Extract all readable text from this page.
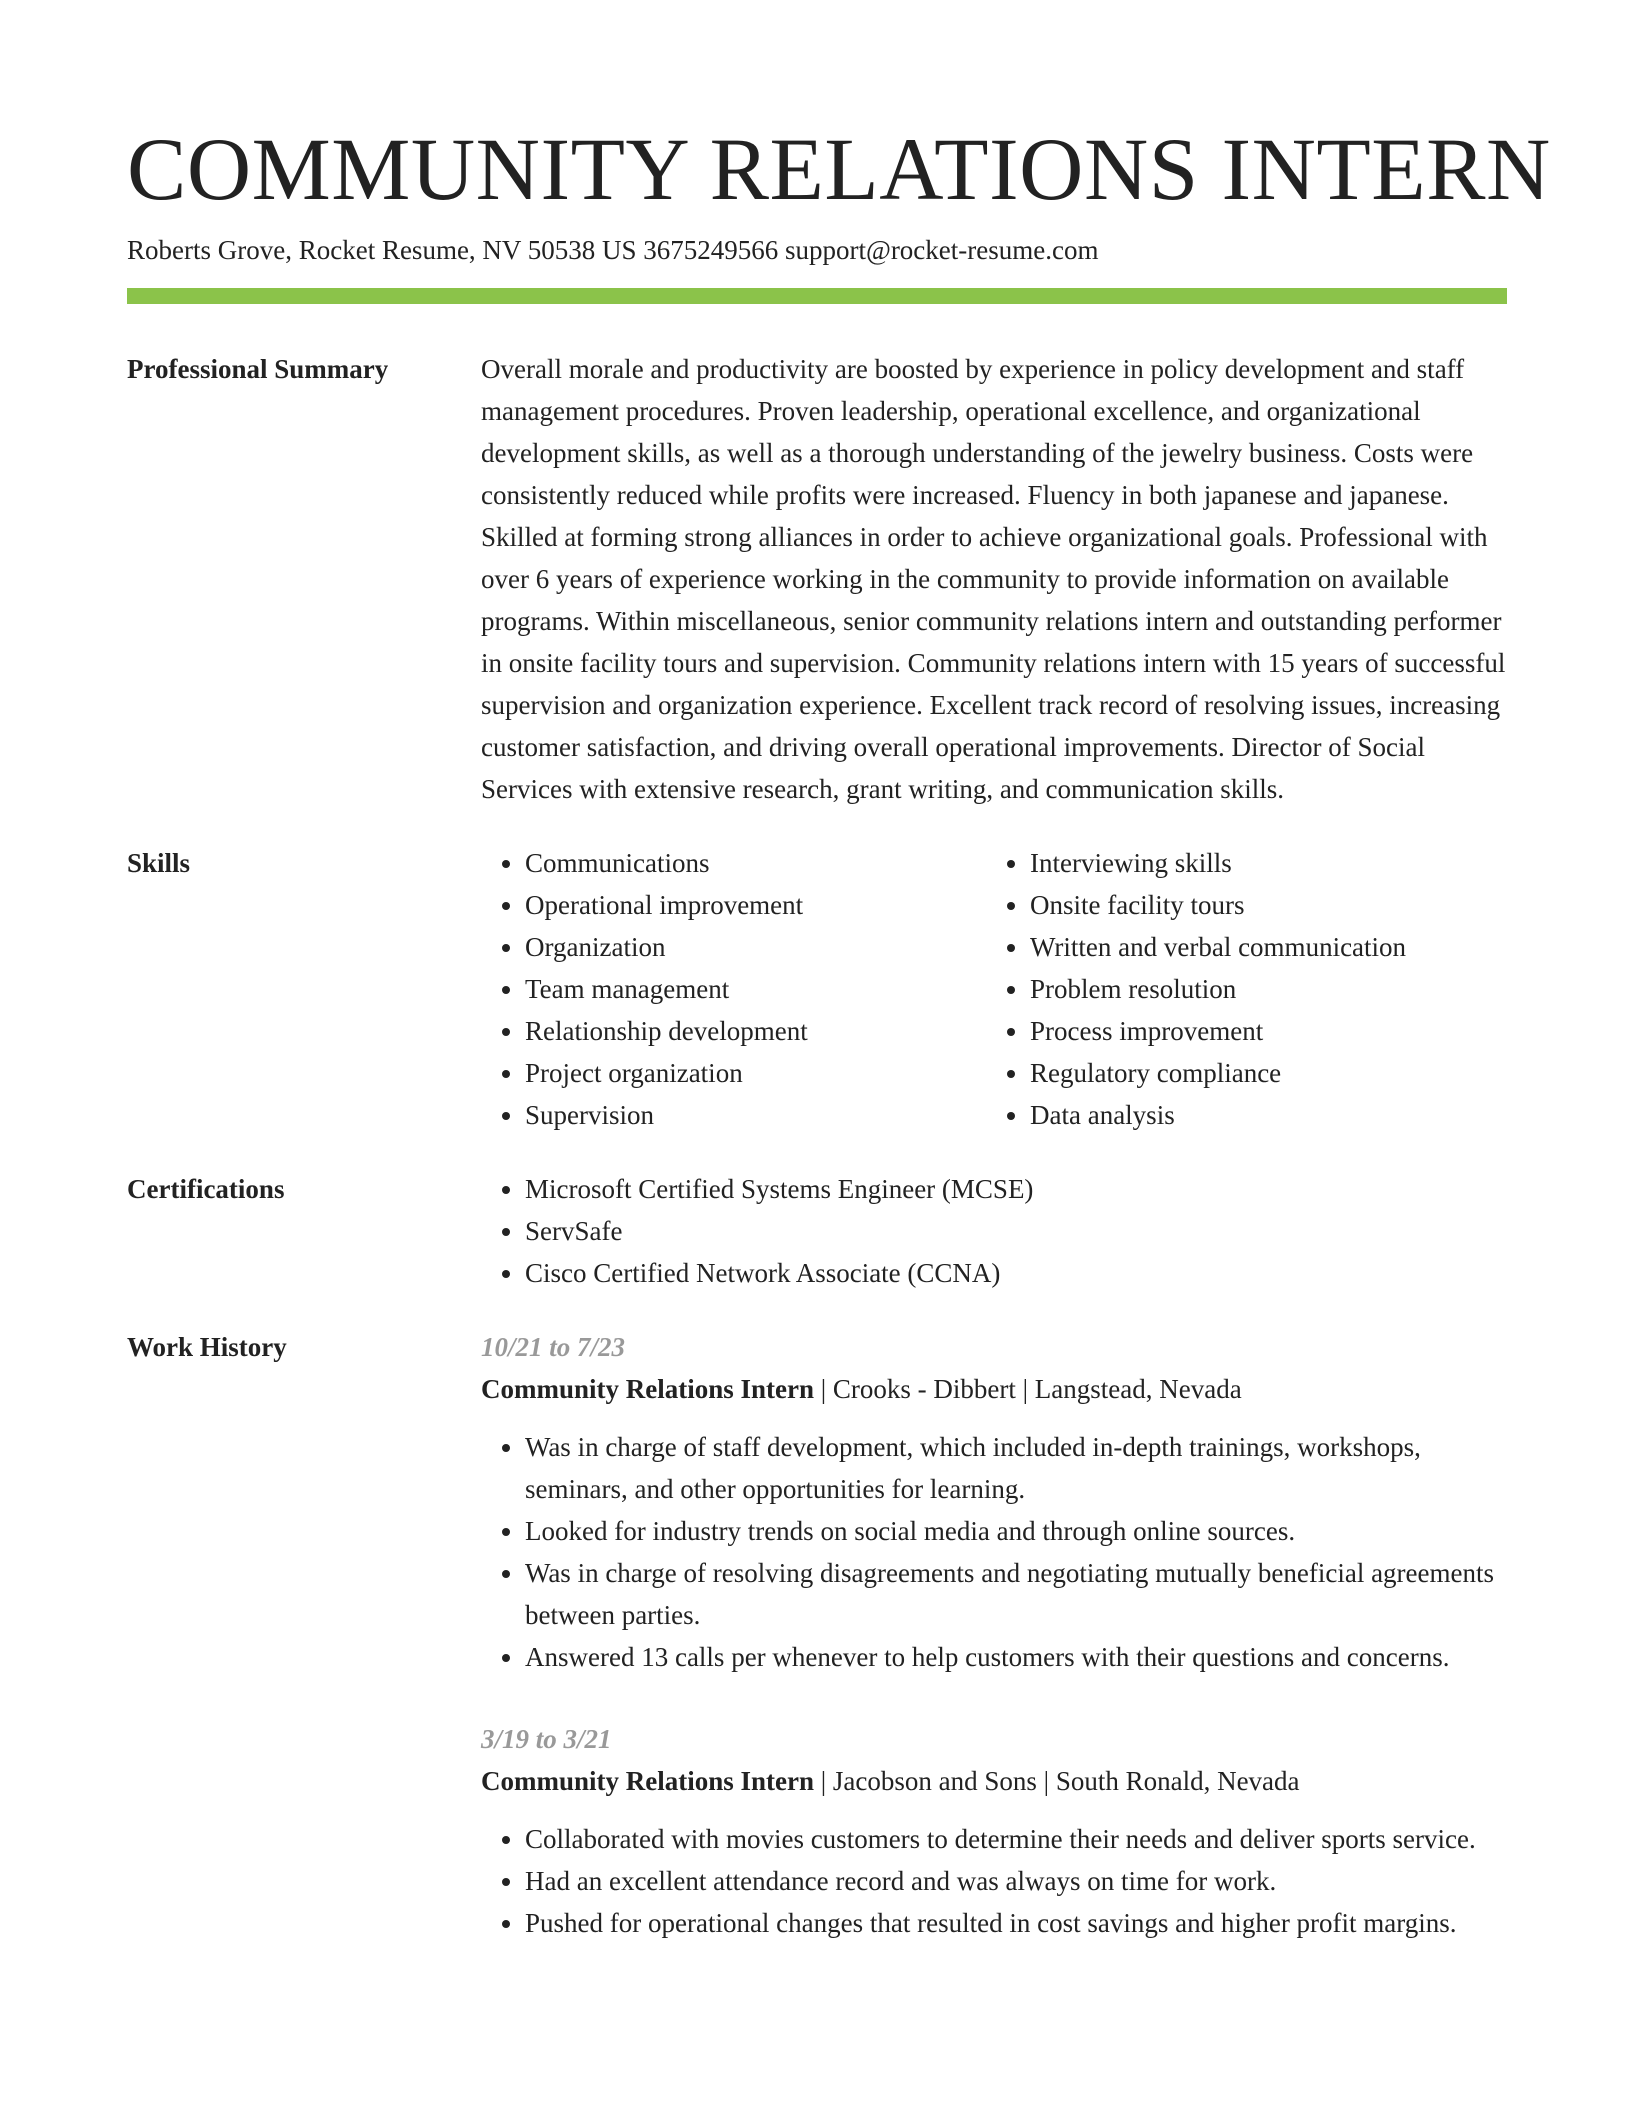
COMMUNITY RELATIONS INTERN
Roberts Grove, Rocket Resume, NV 50538 US 3675249566 support@rocket-resume.com
Professional Summary	Overall morale and productivity are boosted by experience in policy development and staff management procedures. Proven leadership, operational excellence, and organizational development skills, as well as a thorough understanding of the jewelry business. Costs were consistently reduced while profits were increased. Fluency in both japanese and japanese. Skilled at forming strong alliances in order to achieve organizational goals. Professional with over 6 years of experience working in the community to provide information on available programs. Within miscellaneous, senior community relations intern and outstanding performer in onsite facility tours and supervision. Community relations intern with 15 years of successful supervision and organization experience. Excellent track record of resolving issues, increasing customer satisfaction, and driving overall operational improvements. Director of Social Services with extensive research, grant writing, and communication skills.

Skills	• Communications
• Operational improvement
• Organization
• Team management
• Relationship development
• Project organization
• Supervision
• Interviewing skills
• Onsite facility tours
• Written and verbal communication
• Problem resolution
• Process improvement
• Regulatory compliance
• Data analysis
Certifications	• Microsoft Certified Systems Engineer (MCSE)
• ServSafe
• Cisco Certified Network Associate (CCNA)
Work History	10/21 to 7/23
Community Relations Intern | Crooks - Dibbert | Langstead, Nevada
• Was in charge of staff development, which included in-depth trainings, workshops, seminars, and other opportunities for learning.
• Looked for industry trends on social media and through online sources.
• Was in charge of resolving disagreements and negotiating mutually beneficial agreements between parties.
• Answered 13 calls per whenever to help customers with their questions and concerns.
3/19 to 3/21
Community Relations Intern | Jacobson and Sons | South Ronald, Nevada
• Collaborated with movies customers to determine their needs and deliver sports service.
• Had an excellent attendance record and was always on time for work.
• Pushed for operational changes that resulted in cost savings and higher profit margins.
